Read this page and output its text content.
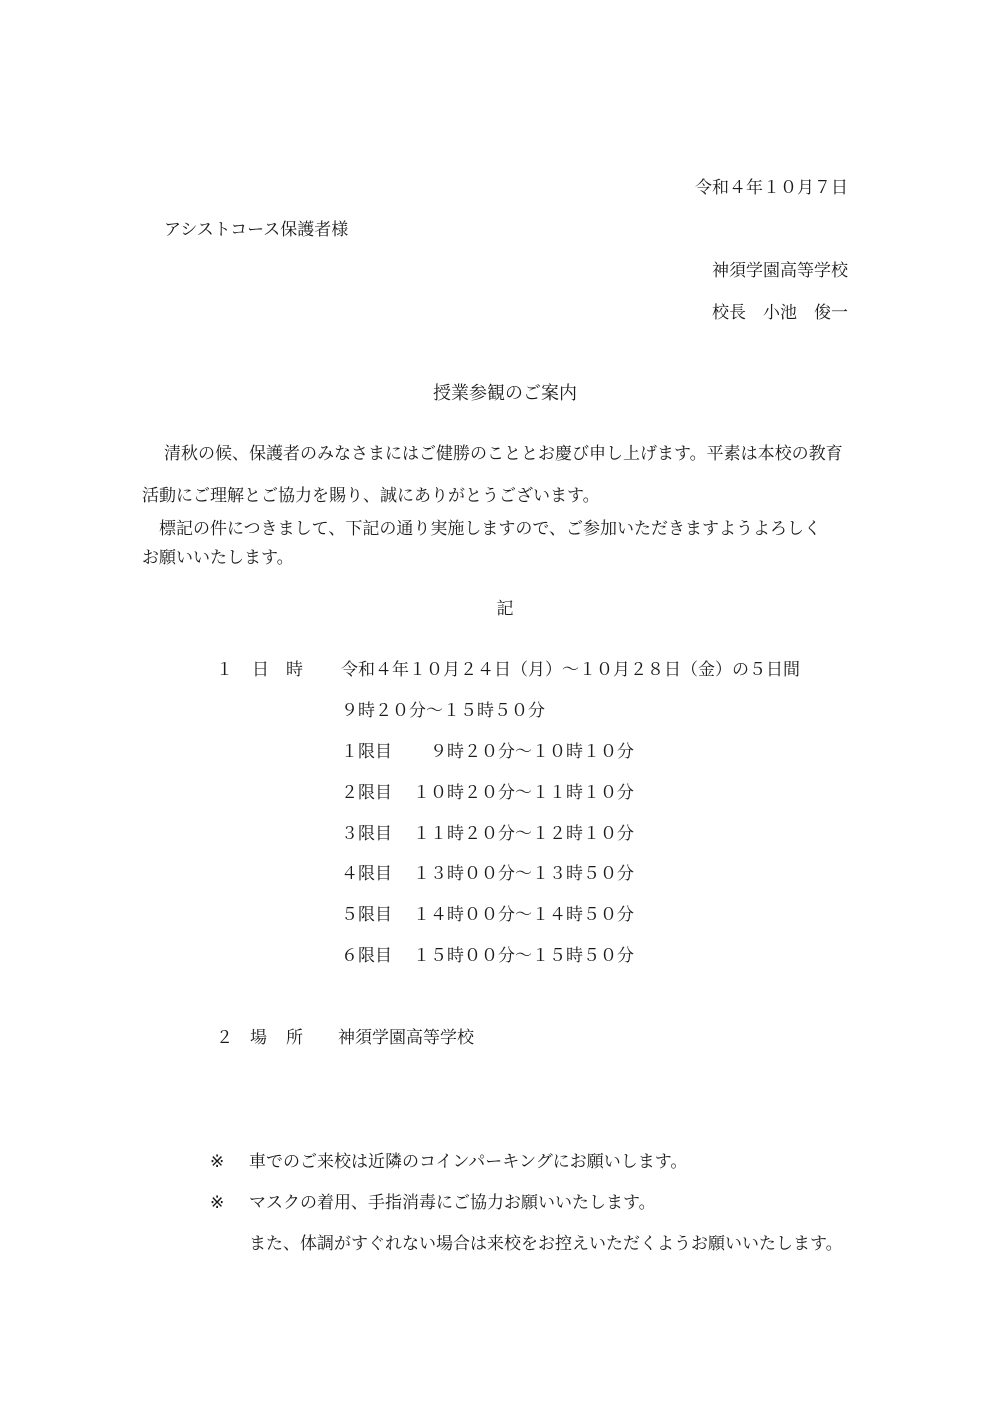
令和４年１０月７日
アシストコース保護者様
神須学園高等学校
校長　小池　俊一
授業参観のご案内
清秋の候、保護者のみなさまにはご健勝のこととお慶び申し上げます。平素は本校の教育
活動にご理解とご協力を賜り、誠にありがとうございます。
　標記の件につきまして、下記の通り実施しますので、ご参加いただきますようよろしく
お願いいたします。
記
１ 日 時 令和４年１０月２４日（月）～１０月２８日（金）の５日間
９時２０分～１５時５０分
１限目 ９時２０分～１０時１０分
２限目 １０時２０分～１１時１０分
３限目 １１時２０分～１２時１０分
４限目 １３時００分～１３時５０分
５限目 １４時００分～１４時５０分
６限目 １５時００分～１５時５０分
２ 場 所 神須学園高等学校
※ 車でのご来校は近隣のコインパーキングにお願いします。
※ マスクの着用、手指消毒にご協力お願いいたします。
また、体調がすぐれない場合は来校をお控えいただくようお願いいたします。
